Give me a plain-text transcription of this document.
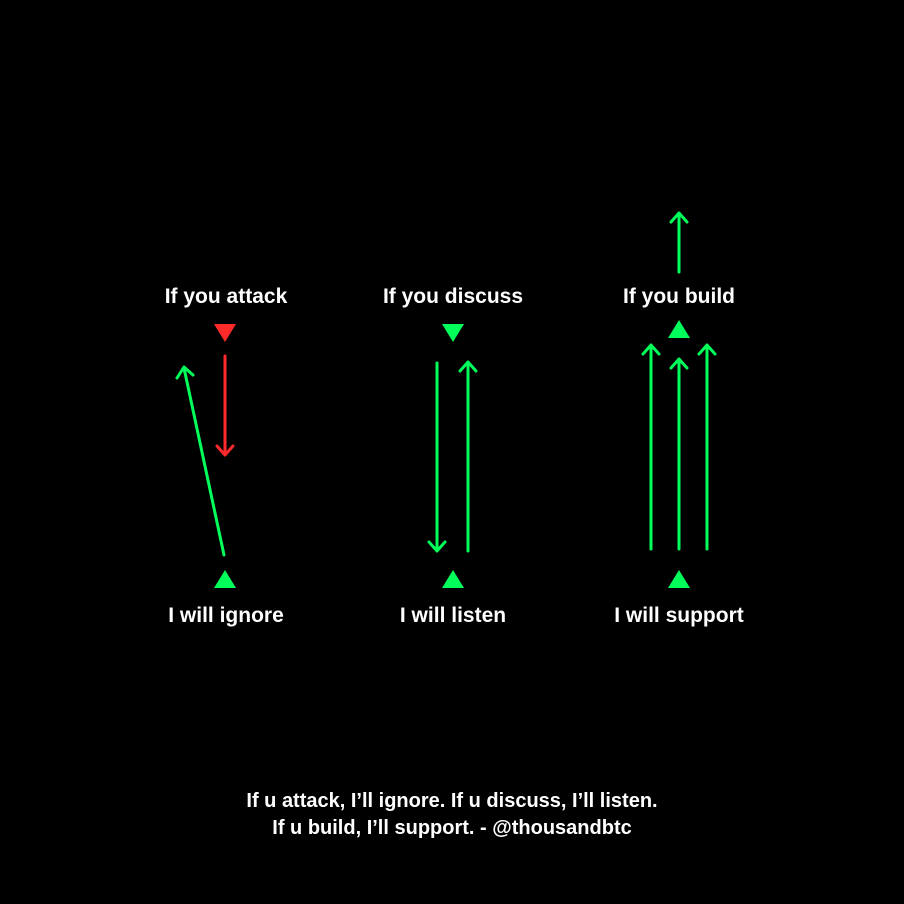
If you attack	If you discuss	If you build
I will ignore	I will listen	I will support
If u attack, I’ll ignore. If u discuss, I’ll listen.
If u build, I’ll support. - @thousandbtc
